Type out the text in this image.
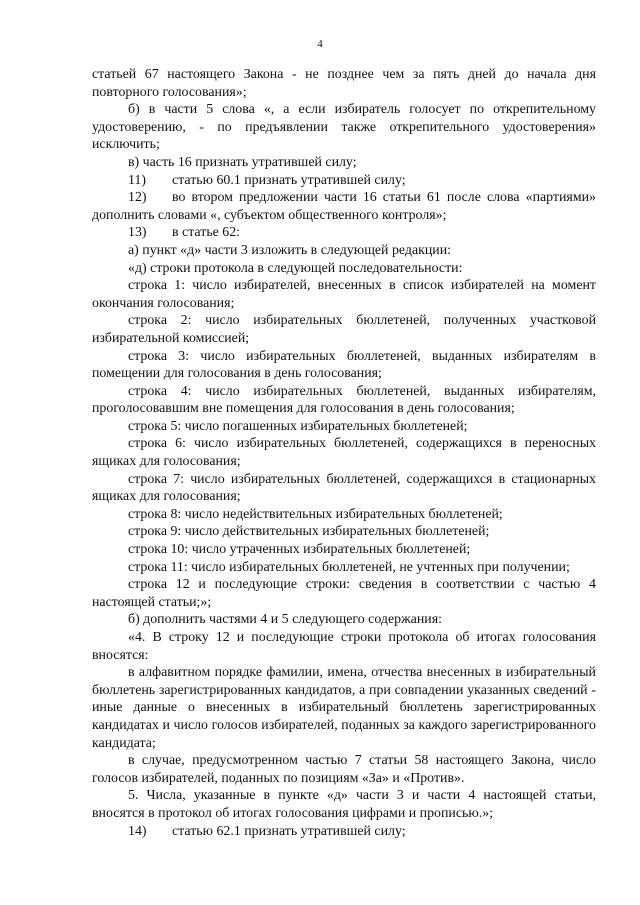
4

статьей 67 настоящего Закона - не позднее чем за пять дней до начала дня повторного голосования»;

б) в части 5 слова «, а если избиратель голосует по открепительному удостоверению, - по предъявлении также открепительного удостоверения» исключить;

в) часть 16 признать утратившей силу;

11) статью 60.1 признать утратившей силу;

12) во втором предложении части 16 статьи 61 после слова «партиями» дополнить словами «, субъектом общественного контроля»;

13) в статье 62:

а) пункт «д» части 3 изложить в следующей редакции:

«д) строки протокола в следующей последовательности:

строка 1: число избирателей, внесенных в список избирателей на момент окончания голосования;

строка 2: число избирательных бюллетеней, полученных участковой избирательной комиссией;

строка 3: число избирательных бюллетеней, выданных избирателям в помещении для голосования в день голосования;

строка 4: число избирательных бюллетеней, выданных избирателям, проголосовавшим вне помещения для голосования в день голосования;

строка 5: число погашенных избирательных бюллетеней;

строка 6: число избирательных бюллетеней, содержащихся в переносных ящиках для голосования;

строка 7: число избирательных бюллетеней, содержащихся в стационарных ящиках для голосования;

строка 8: число недействительных избирательных бюллетеней;

строка 9: число действительных избирательных бюллетеней;

строка 10: число утраченных избирательных бюллетеней;

строка 11: число избирательных бюллетеней, не учтенных при получении;

строка 12 и последующие строки: сведения в соответствии с частью 4 настоящей статьи;»;

б) дополнить частями 4 и 5 следующего содержания:

«4. В строку 12 и последующие строки протокола об итогах голосования вносятся:

в алфавитном порядке фамилии, имена, отчества внесенных в избирательный бюллетень зарегистрированных кандидатов, а при совпадении указанных сведений - иные данные о внесенных в избирательный бюллетень зарегистрированных кандидатах и число голосов избирателей, поданных за каждого зарегистрированного кандидата;

в случае, предусмотренном частью 7 статьи 58 настоящего Закона, число голосов избирателей, поданных по позициям «За» и «Против».

5. Числа, указанные в пункте «д» части 3 и части 4 настоящей статьи, вносятся в протокол об итогах голосования цифрами и прописью.»;

14) статью 62.1 признать утратившей силу;
